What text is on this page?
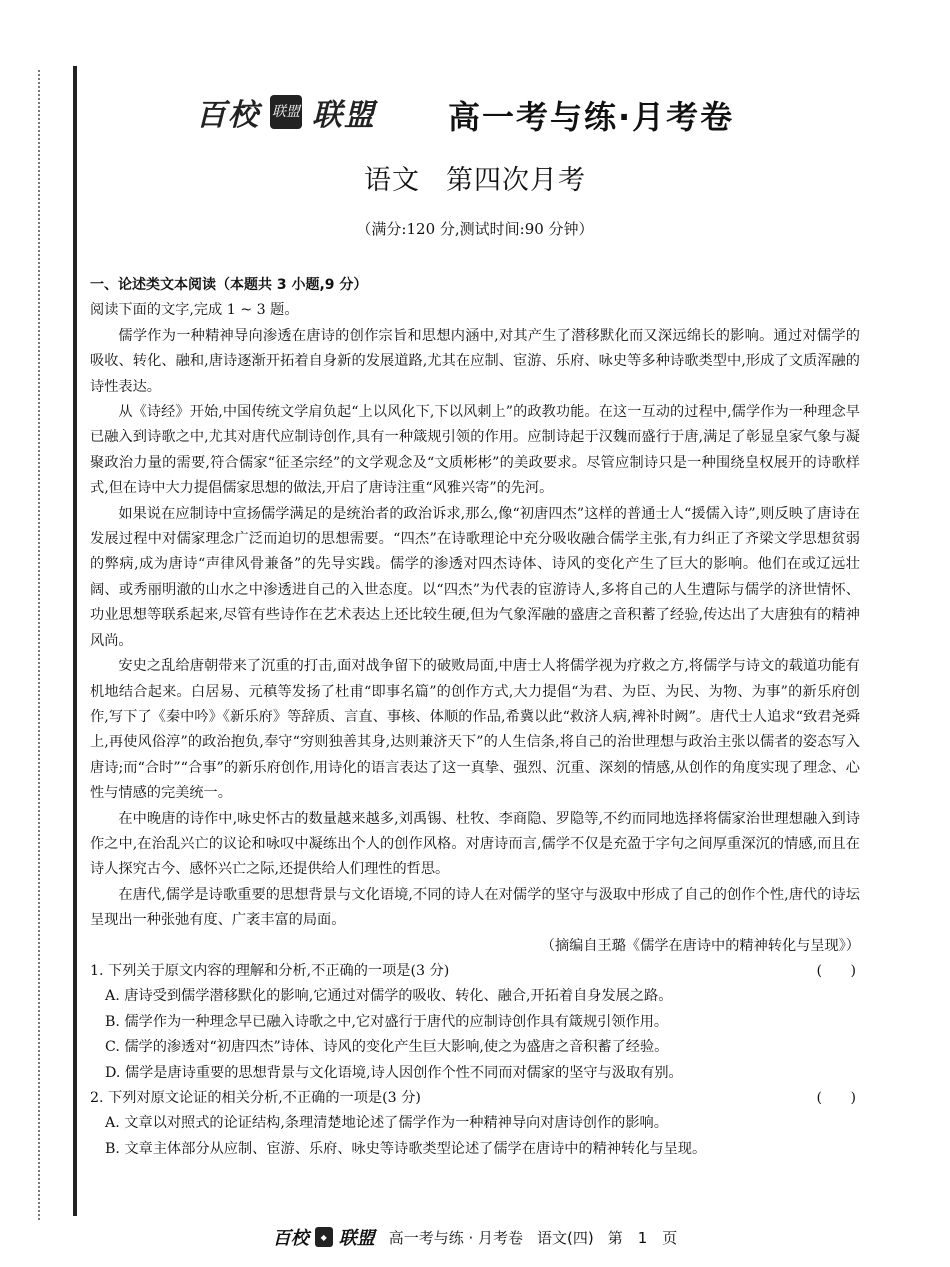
百校 联盟 联盟 高一考与练·月考卷
语文 第四次月考
（满分:120 分,测试时间:90 分钟）
一、论述类文本阅读（本题共 3 小题,9 分）

阅读下面的文字,完成 1 ~ 3 题。

儒学作为一种精神导向渗透在唐诗的创作宗旨和思想内涵中,对其产生了潜移默化而又深远绵长的影响。通过对儒学的吸收、转化、融和,唐诗逐渐开拓着自身新的发展道路,尤其在应制、宦游、乐府、咏史等多种诗歌类型中,形成了文质浑融的诗性表达。

从《诗经》开始,中国传统文学肩负起“上以风化下,下以风刺上”的政教功能。在这一互动的过程中,儒学作为一种理念早已融入到诗歌之中,尤其对唐代应制诗创作,具有一种箴规引领的作用。应制诗起于汉魏而盛行于唐,满足了彰显皇家气象与凝聚政治力量的需要,符合儒家“征圣宗经”的文学观念及“文质彬彬”的美政要求。尽管应制诗只是一种围绕皇权展开的诗歌样式,但在诗中大力提倡儒家思想的做法,开启了唐诗注重“风雅兴寄”的先河。

如果说在应制诗中宣扬儒学满足的是统治者的政治诉求,那么,像“初唐四杰”这样的普通士人“援儒入诗”,则反映了唐诗在发展过程中对儒家理念广泛而迫切的思想需要。“四杰”在诗歌理论中充分吸收融合儒学主张,有力纠正了齐梁文学思想贫弱的弊病,成为唐诗“声律风骨兼备”的先导实践。儒学的渗透对四杰诗体、诗风的变化产生了巨大的影响。他们在或辽远壮阔、或秀丽明澈的山水之中渗透进自己的入世态度。以“四杰”为代表的宦游诗人,多将自己的人生遭际与儒学的济世情怀、功业思想等联系起来,尽管有些诗作在艺术表达上还比较生硬,但为气象浑融的盛唐之音积蓄了经验,传达出了大唐独有的精神风尚。

安史之乱给唐朝带来了沉重的打击,面对战争留下的破败局面,中唐士人将儒学视为疗救之方,将儒学与诗文的载道功能有机地结合起来。白居易、元稹等发扬了杜甫“即事名篇”的创作方式,大力提倡“为君、为臣、为民、为物、为事”的新乐府创作,写下了《秦中吟》《新乐府》等辞质、言直、事核、体顺的作品,希冀以此“救济人病,裨补时阙”。唐代士人追求“致君尧舜上,再使风俗淳”的政治抱负,奉守“穷则独善其身,达则兼济天下”的人生信条,将自己的治世理想与政治主张以儒者的姿态写入唐诗;而“合时”“合事”的新乐府创作,用诗化的语言表达了这一真挚、强烈、沉重、深刻的情感,从创作的角度实现了理念、心性与情感的完美统一。

在中晚唐的诗作中,咏史怀古的数量越来越多,刘禹锡、杜牧、李商隐、罗隐等,不约而同地选择将儒家治世理想融入到诗作之中,在治乱兴亡的议论和咏叹中凝练出个人的创作风格。对唐诗而言,儒学不仅是充盈于字句之间厚重深沉的情感,而且在诗人探究古今、感怀兴亡之际,还提供给人们理性的哲思。

在唐代,儒学是诗歌重要的思想背景与文化语境,不同的诗人在对儒学的坚守与汲取中形成了自己的创作个性,唐代的诗坛呈现出一种张弛有度、广袤丰富的局面。

（摘编自王璐《儒学在唐诗中的精神转化与呈现》）

1. 下列关于原文内容的理解和分析,不正确的一项是(3 分)	(　　)

A. 唐诗受到儒学潜移默化的影响,它通过对儒学的吸收、转化、融合,开拓着自身发展之路。

B. 儒学作为一种理念早已融入诗歌之中,它对盛行于唐代的应制诗创作具有箴规引领作用。

C. 儒学的渗透对“初唐四杰”诗体、诗风的变化产生巨大影响,使之为盛唐之音积蓄了经验。

D. 儒学是唐诗重要的思想背景与文化语境,诗人因创作个性不同而对儒家的坚守与汲取有别。

2. 下列对原文论证的相关分析,不正确的一项是(3 分)	(　　)

A. 文章以对照式的论证结构,条理清楚地论述了儒学作为一种精神导向对唐诗创作的影响。

B. 文章主体部分从应制、宦游、乐府、咏史等诗歌类型论述了儒学在唐诗中的精神转化与呈现。

百校	◆ 联盟 高一考与练 · 月考卷 语文(四) 第　1　页
